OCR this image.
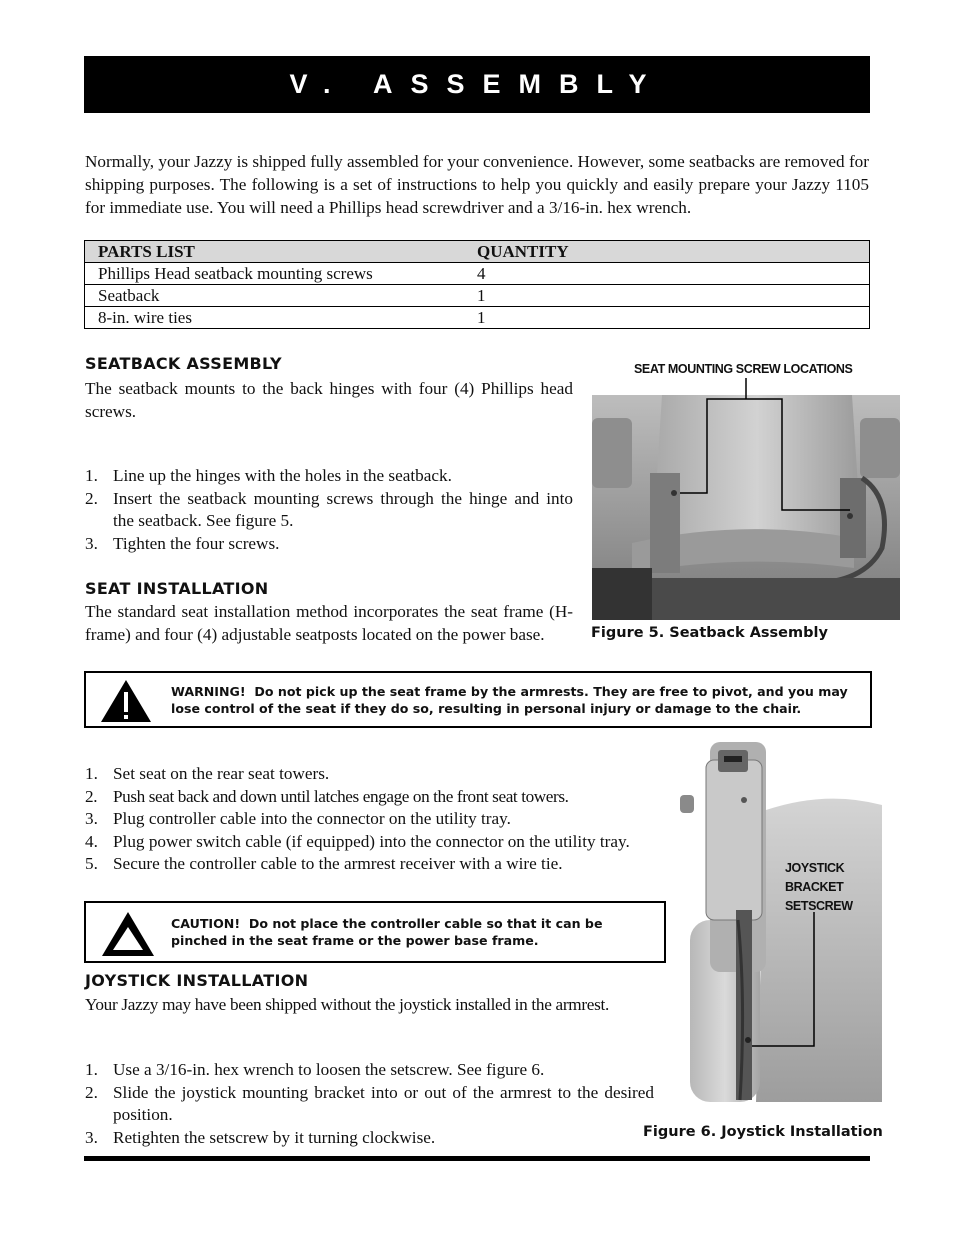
V. ASSEMBLY
Normally, your Jazzy is shipped fully assembled for your convenience. However, some seatbacks are removed for shipping purposes. The following is a set of instructions to help you quickly and easily prepare your Jazzy 1105 for immediate use. You will need a Phillips head screwdriver and a 3/16-in. hex wrench.
PARTS LIST	QUANTITY
Phillips Head seatback mounting screws	4
Seatback	1
8-in. wire ties	1
SEATBACK ASSEMBLY
The seatback mounts to the back hinges with four (4) Phillips head screws.
1. Line up the hinges with the holes in the seatback.
2. Insert the seatback mounting screws through the hinge and into the seatback. See figure 5.
3. Tighten the four screws.
SEAT INSTALLATION
The standard seat installation method incorporates the seat frame (H-frame) and four (4) adjustable seatposts located on the power base.
SEAT MOUNTING SCREW LOCATIONS
Figure 5. Seatback Assembly
WARNING! Do not pick up the seat frame by the armrests. They are free to pivot, and you may lose control of the seat if they do so, resulting in personal injury or damage to the chair.
1. Set seat on the rear seat towers.
2. Push seat back and down until latches engage on the front seat towers.
3. Plug controller cable into the connector on the utility tray.
4. Plug power switch cable (if equipped) into the connector on the utility tray.
5. Secure the controller cable to the armrest receiver with a wire tie.
CAUTION! Do not place the controller cable so that it can be pinched in the seat frame or the power base frame.
JOYSTICK INSTALLATION
Your Jazzy may have been shipped without the joystick installed in the armrest.
1. Use a 3/16-in. hex wrench to loosen the setscrew. See figure 6.
2. Slide the joystick mounting bracket into or out of the armrest to the desired position.
3. Retighten the setscrew by it turning clockwise.
JOYSTICK
BRACKET
SETSCREW
Figure 6. Joystick Installation
